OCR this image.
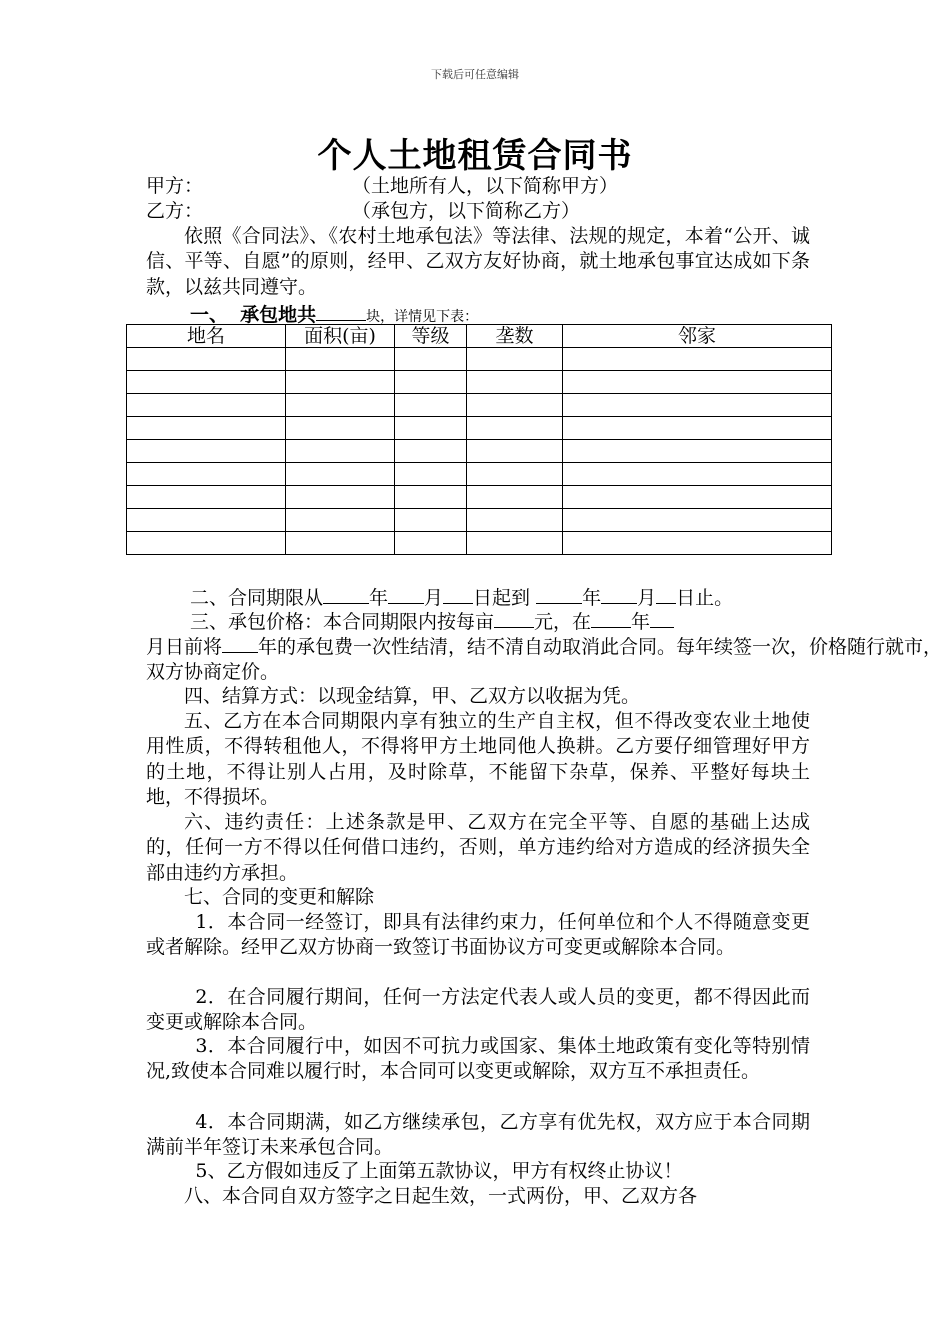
下载后可任意编辑
个人土地租赁合同书
甲方：	（土地所有人，以下简称甲方）
乙方：	（承包方，以下简称乙方）

依照《合同法》、《农村土地承包法》等法律、法规的规定，本着“公开、诚信、平等、自愿”的原则，经甲、乙双方友好协商，就土地承包事宜达成如下条款，以兹共同遵守。

一、 承包地共	块，详情见下表：
地名	面积(亩)	等级	垄数	邻家

二、合同期限从 年 月 日起到	年 月 日止。
三、承包价格：本合同期限内按每亩 元，在 年

月日前将 年的承包费一次性结清，结不清自动取消此合同。每年续签一次，价格随行就市，双方协商定价。

四、结算方式：以现金结算，甲、乙双方以收据为凭。

五、乙方在本合同期限内享有独立的生产自主权，但不得改变农业土地使用性质，不得转租他人，不得将甲方土地同他人换耕。乙方要仔细管理好甲方的土地，不得让别人占用，及时除草，不能留下杂草，保养、平整好每块土地，不得损坏。

六、违约责任：上述条款是甲、乙双方在完全平等、自愿的基础上达成的，任何一方不得以任何借口违约，否则，单方违约给对方造成的经济损失全部由违约方承担。

七、合同的变更和解除

1．本合同一经签订，即具有法律约束力，任何单位和个人不得随意变更或者解除。经甲乙双方协商一致签订书面协议方可变更或解除本合同。

2．在合同履行期间，任何一方法定代表人或人员的变更，都不得因此而变更或解除本合同。

3．本合同履行中，如因不可抗力或国家、集体土地政策有变化等特别情况,致使本合同难以履行时，本合同可以变更或解除，双方互不承担责任。

4．本合同期满，如乙方继续承包，乙方享有优先权，双方应于本合同期满前半年签订未来承包合同。

5、乙方假如违反了上面第五款协议，甲方有权终止协议！

八、本合同自双方签字之日起生效，一式两份，甲、乙双方各
